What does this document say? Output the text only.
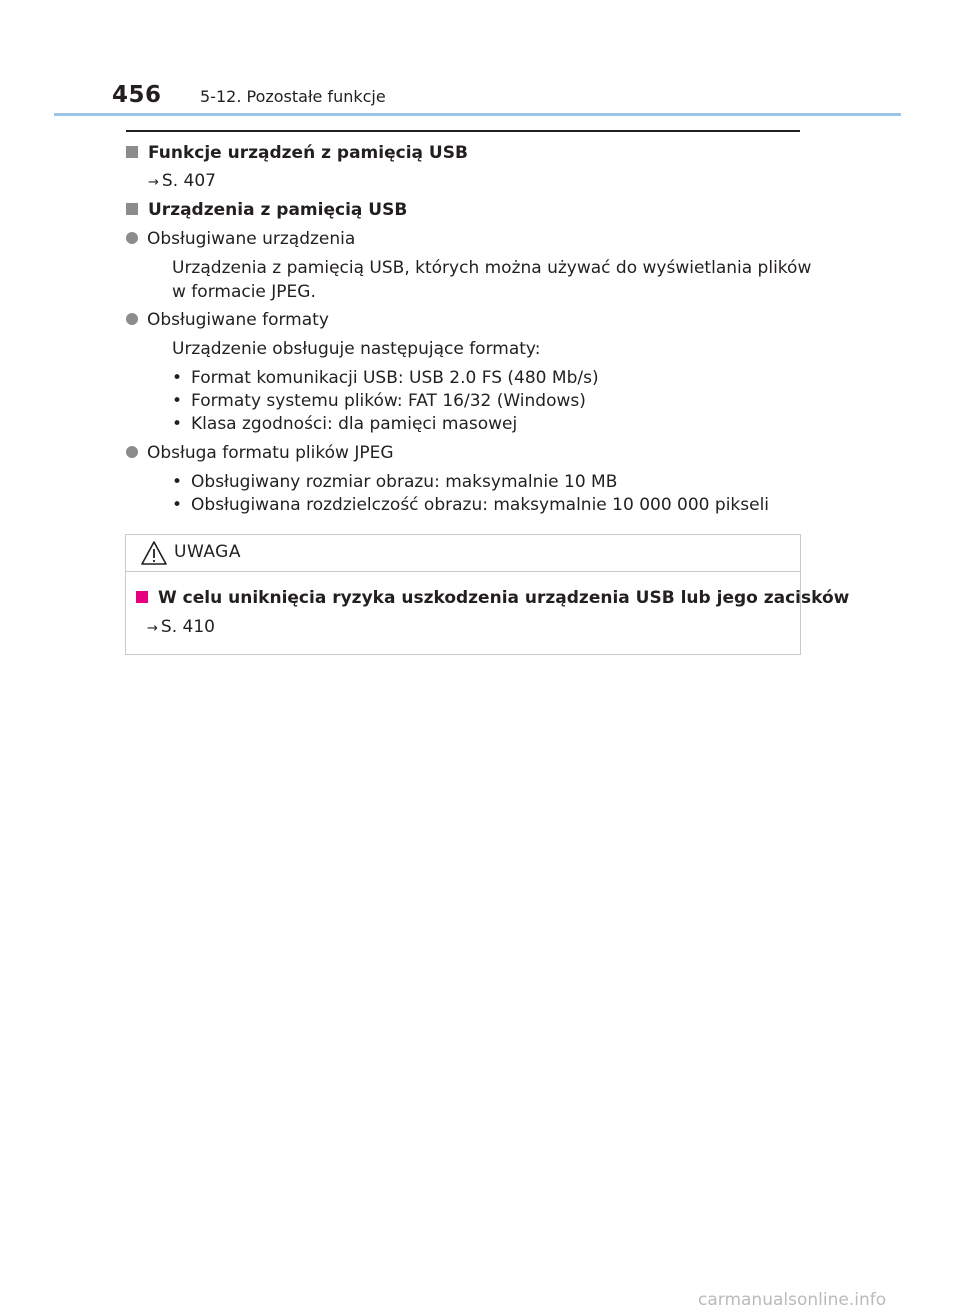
456 5-12. Pozostałe funkcje
Funkcje urządzeń z pamięcią USB
→ S. 407
Urządzenia z pamięcią USB
Obsługiwane urządzenia
Urządzenia z pamięcią USB, których można używać do wyświetlania plików
w formacie JPEG.
Obsługiwane formaty
Urządzenie obsługuje następujące formaty:
• Format komunikacji USB: USB 2.0 FS (480 Mb/s)
• Formaty systemu plików: FAT 16/32 (Windows)
• Klasa zgodności: dla pamięci masowej
Obsługa formatu plików JPEG
• Obsługiwany rozmiar obrazu: maksymalnie 10 MB
• Obsługiwana rozdzielczość obrazu: maksymalnie 10 000 000 pikseli
UWAGA
W celu uniknięcia ryzyka uszkodzenia urządzenia USB lub jego zacisków
→ S. 410
carmanualsonline.info
